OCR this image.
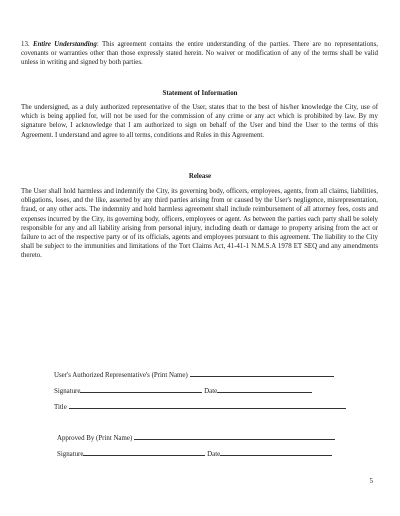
13. Entire Understanding: This agreement contains the entire understanding of the parties. There are no representations, covenants or warranties other than those expressly stated herein. No waiver or modification of any of the terms shall be valid unless in writing and signed by both parties.

Statement of Information

The undersigned, as a duly authorized representative of the User, states that to the best of his/her knowledge the City, use of which is being applied for, will not be used for the commission of any crime or any act which is prohibited by law. By my signature below, I acknowledge that I am authorized to sign on behalf of the User and bind the User to the terms of this Agreement. I understand and agree to all terms, conditions and Rules in this Agreement.

Release

The User shall hold harmless and indemnify the City, its governing body, officers, employees, agents, from all claims, liabilities, obligations, loses, and the like, asserted by any third parties arising from or caused by the User's negligence, misrepresentation, fraud, or any other acts. The indemnity and hold harmless agreement shall include reimbursement of all attorney fees, costs and expenses incurred by the City, its governing body, officers, employees or agent. As between the parties each party shall be solely responsible for any and all liability arising from personal injury, including death or damage to property arising from the act or failure to act of the respective party or of its officials, agents and employees pursuant to this agreement. The liability to the City shall be subject to the immunities and limitations of the Tort Claims Act, 41-41-1 N.M.S.A 1978 ET SEQ and any amendments thereto.

User's Authorized Representative's (Print Name)
Signature	Date
Title
Approved By (Print Name)
Signature	Date
5
